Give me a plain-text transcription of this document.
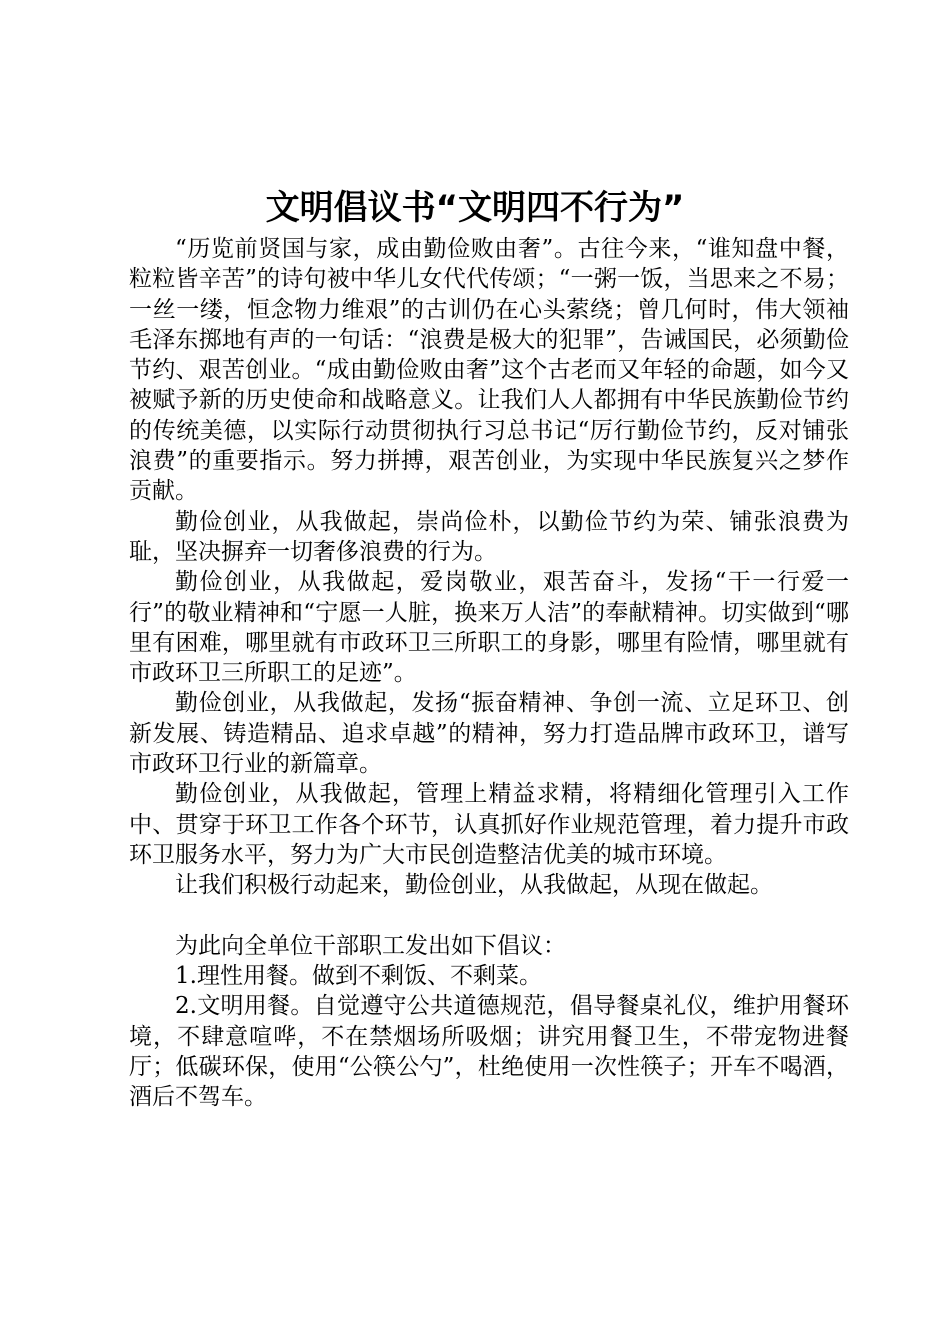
文明倡议书“文明四不行为”

“历览前贤国与家，成由勤俭败由奢”。古往今来，“谁知盘中餐，粒粒皆辛苦”的诗句被中华儿女代代传颂；“一粥一饭，当思来之不易；一丝一缕，恒念物力维艰”的古训仍在心头萦绕；曾几何时，伟大领袖毛泽东掷地有声的一句话：“浪费是极大的犯罪”，告诫国民，必须勤俭节约、艰苦创业。“成由勤俭败由奢”这个古老而又年轻的命题，如今又被赋予新的历史使命和战略意义。让我们人人都拥有中华民族勤俭节约的传统美德，以实际行动贯彻执行习总书记“厉行勤俭节约，反对铺张浪费”的重要指示。努力拼搏，艰苦创业，为实现中华民族复兴之梦作贡献。

勤俭创业，从我做起，崇尚俭朴，以勤俭节约为荣、铺张浪费为耻，坚决摒弃一切奢侈浪费的行为。

勤俭创业，从我做起，爱岗敬业，艰苦奋斗，发扬“干一行爱一行”的敬业精神和“宁愿一人脏，换来万人洁”的奉献精神。切实做到“哪里有困难，哪里就有市政环卫三所职工的身影，哪里有险情，哪里就有市政环卫三所职工的足迹”。

勤俭创业，从我做起，发扬“振奋精神、争创一流、立足环卫、创新发展、铸造精品、追求卓越”的精神，努力打造品牌市政环卫，谱写市政环卫行业的新篇章。

勤俭创业，从我做起，管理上精益求精，将精细化管理引入工作中、贯穿于环卫工作各个环节，认真抓好作业规范管理，着力提升市政环卫服务水平，努力为广大市民创造整洁优美的城市环境。

让我们积极行动起来，勤俭创业，从我做起，从现在做起。

为此向全单位干部职工发出如下倡议：

1.理性用餐。做到不剩饭、不剩菜。

2.文明用餐。自觉遵守公共道德规范，倡导餐桌礼仪，维护用餐环境，不肆意喧哗，不在禁烟场所吸烟；讲究用餐卫生，不带宠物进餐厅；低碳环保，使用“公筷公勺”，杜绝使用一次性筷子；开车不喝酒，酒后不驾车。
